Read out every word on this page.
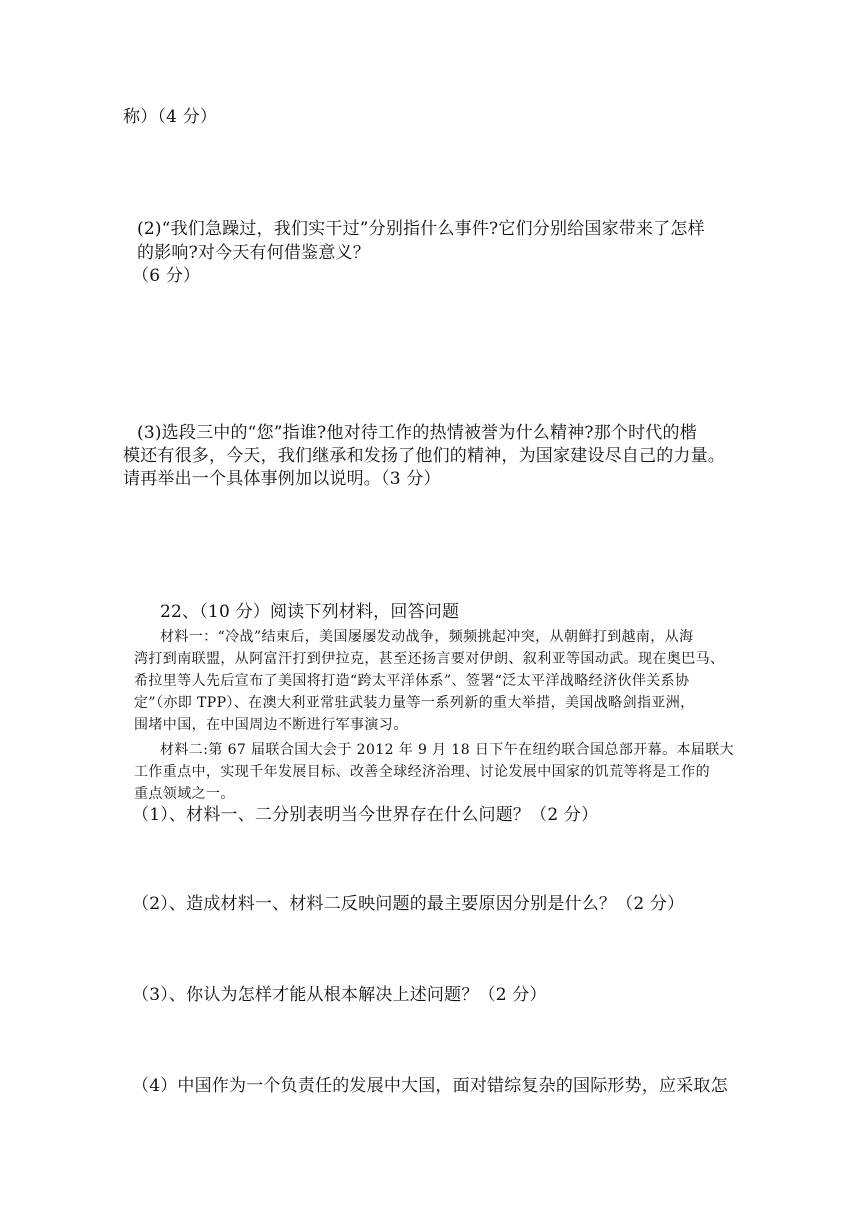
称）（4 分）
(2)“我们急躁过，我们实干过”分别指什么事件?它们分别给国家带来了怎样
的影响?对今天有何借鉴意义？
（6 分）
(3)选段三中的“您”指谁?他对待工作的热情被誉为什么精神?那个时代的楷
模还有很多，今天，我们继承和发扬了他们的精神，为国家建设尽自己的力量。
请再举出一个具体事例加以说明。（3 分）
22、（10 分）阅读下列材料，回答问题
材料一：“冷战”结束后，美国屡屡发动战争，频频挑起冲突，从朝鲜打到越南，从海
湾打到南联盟，从阿富汗打到伊拉克，甚至还扬言要对伊朗、叙利亚等国动武。现在奥巴马、
希拉里等人先后宣布了美国将打造“跨太平洋体系”、签署“泛太平洋战略经济伙伴关系协
定”（亦即 TPP）、在澳大利亚常驻武装力量等一系列新的重大举措，美国战略剑指亚洲，
围堵中国，在中国周边不断进行军事演习。
材料二:第 67 届联合国大会于 2012 年 9 月 18 日下午在纽约联合国总部开幕。本届联大
工作重点中，实现千年发展目标、改善全球经济治理、讨论发展中国家的饥荒等将是工作的
重点领域之一。
（1）、材料一、二分别表明当今世界存在什么问题？（2 分）
（2）、造成材料一、材料二反映问题的最主要原因分别是什么？（2 分）
（3）、你认为怎样才能从根本解决上述问题？（2 分）
（4）中国作为一个负责任的发展中大国，面对错综复杂的国际形势，应采取怎
